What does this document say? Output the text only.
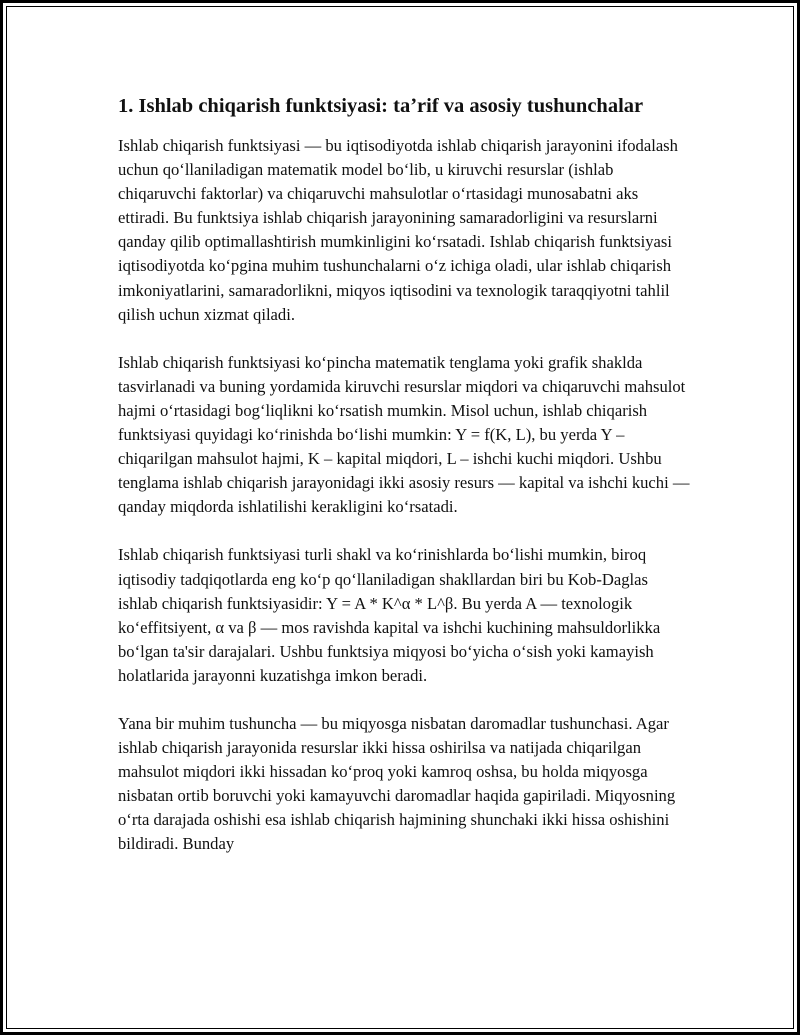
1. Ishlab chiqarish funktsiyasi: taʼrif va asosiy tushunchalar

Ishlab chiqarish funktsiyasi — bu iqtisodiyotda ishlab chiqarish jarayonini ifodalash uchun qoʻllaniladigan matematik model boʻlib, u kiruvchi resurslar (ishlab chiqaruvchi faktorlar) va chiqaruvchi mahsulotlar oʻrtasidagi munosabatni aks ettiradi. Bu funktsiya ishlab chiqarish jarayonining samaradorligini va resurslarni qanday qilib optimallashtirish mumkinligini koʻrsatadi. Ishlab chiqarish funktsiyasi iqtisodiyotda koʻpgina muhim tushunchalarni oʻz ichiga oladi, ular ishlab chiqarish imkoniyatlarini, samaradorlikni, miqyos iqtisodini va texnologik taraqqiyotni tahlil qilish uchun xizmat qiladi.

Ishlab chiqarish funktsiyasi koʻpincha matematik tenglama yoki grafik shaklda tasvirlanadi va buning yordamida kiruvchi resurslar miqdori va chiqaruvchi mahsulot hajmi oʻrtasidagi bogʻliqlikni koʻrsatish mumkin. Misol uchun, ishlab chiqarish funktsiyasi quyidagi koʻrinishda boʻlishi mumkin: Y = f(K, L), bu yerda Y – chiqarilgan mahsulot hajmi, K – kapital miqdori, L – ishchi kuchi miqdori. Ushbu tenglama ishlab chiqarish jarayonidagi ikki asosiy resurs — kapital va ishchi kuchi — qanday miqdorda ishlatilishi kerakligini koʻrsatadi.

Ishlab chiqarish funktsiyasi turli shakl va koʻrinishlarda boʻlishi mumkin, biroq iqtisodiy tadqiqotlarda eng koʻp qoʻllaniladigan shakllardan biri bu Kob-Daglas ishlab chiqarish funktsiyasidir: Y = A * K^α * L^β. Bu yerda A — texnologik koʻeffitsiyent, α va β — mos ravishda kapital va ishchi kuchining mahsuldorlikka boʻlgan ta'sir darajalari. Ushbu funktsiya miqyosi boʻyicha oʻsish yoki kamayish holatlarida jarayonni kuzatishga imkon beradi.

Yana bir muhim tushuncha — bu miqyosga nisbatan daromadlar tushunchasi. Agar ishlab chiqarish jarayonida resurslar ikki hissa oshirilsa va natijada chiqarilgan mahsulot miqdori ikki hissadan koʻproq yoki kamroq oshsa, bu holda miqyosga nisbatan ortib boruvchi yoki kamayuvchi daromadlar haqida gapiriladi. Miqyosning oʻrta darajada oshishi esa ishlab chiqarish hajmining shunchaki ikki hissa oshishini bildiradi. Bunday
